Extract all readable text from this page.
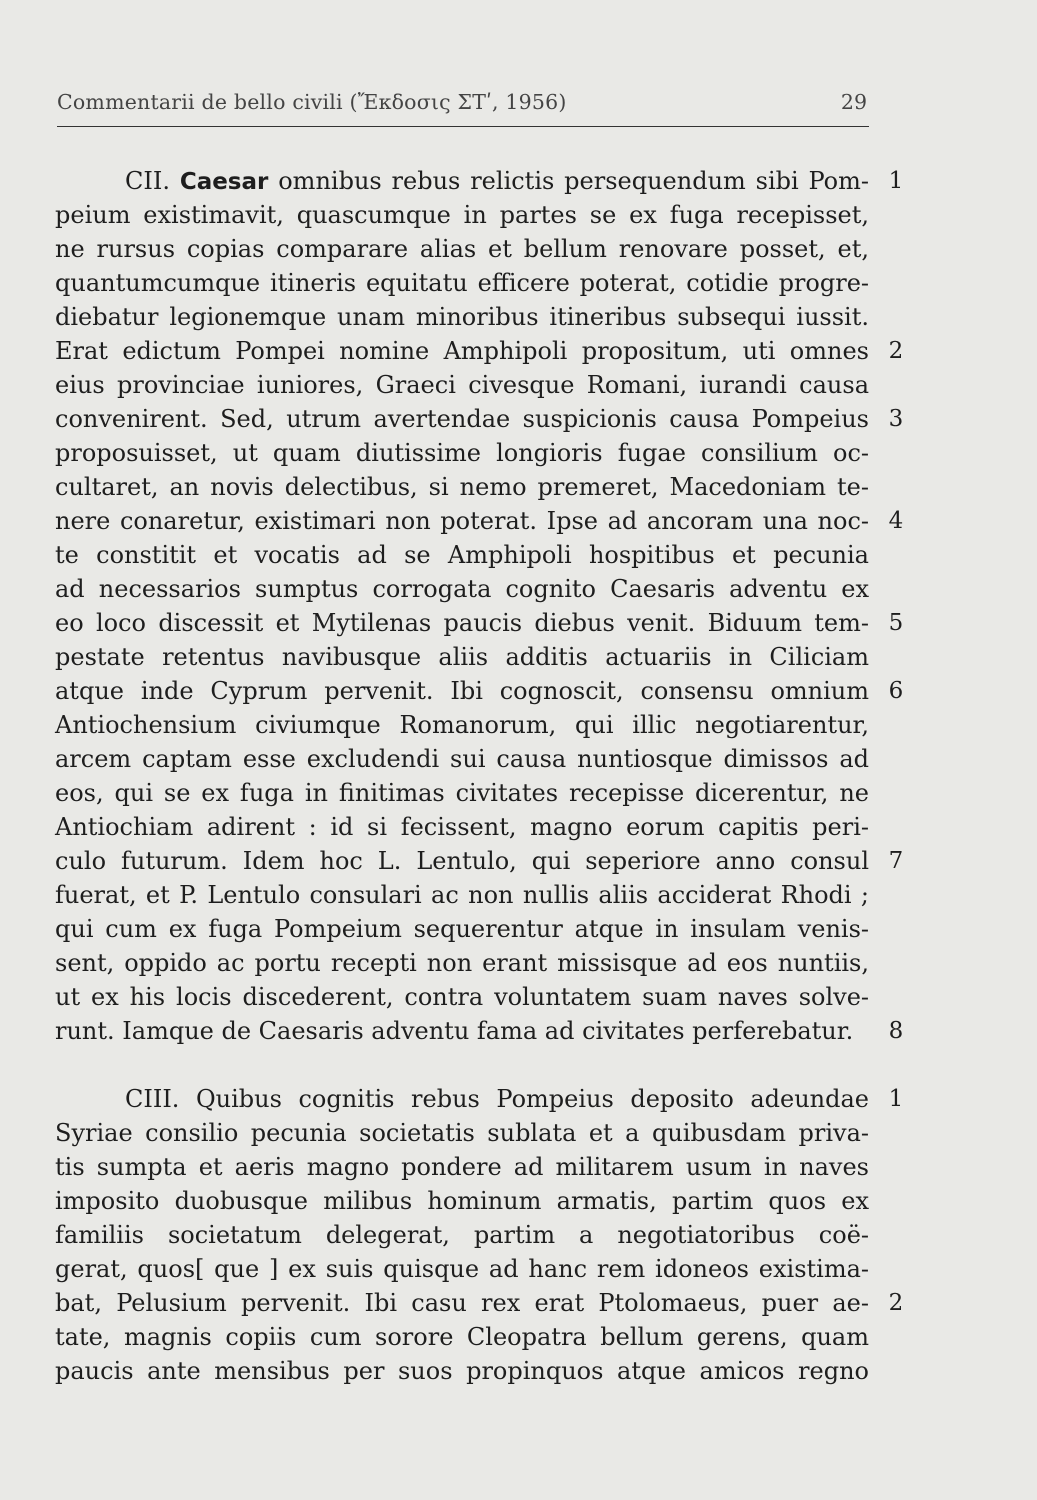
Commentarii de bello civili (Ἔκδοσις ΣΤʹ, 1956)	29
CII. Caesar omnibus rebus relictis persequendum sibi Pom-
peium existimavit, quascumque in partes se ex fuga recepisset,
ne rursus copias comparare alias et bellum renovare posset, et,
quantumcumque itineris equitatu efficere poterat, cotidie progre-
diebatur legionemque unam minoribus itineribus subsequi iussit.
Erat edictum Pompei nomine Amphipoli propositum, uti omnes
eius provinciae iuniores, Graeci civesque Romani, iurandi causa
convenirent. Sed, utrum avertendae suspicionis causa Pompeius
proposuisset, ut quam diutissime longioris fugae consilium oc-
cultaret, an novis delectibus, si nemo premeret, Macedoniam te-
nere conaretur, existimari non poterat. Ipse ad ancoram una noc-
te constitit et vocatis ad se Amphipoli hospitibus et pecunia
ad necessarios sumptus corrogata cognito Caesaris adventu ex
eo loco discessit et Mytilenas paucis diebus venit. Biduum tem-
pestate retentus navibusque aliis additis actuariis in Ciliciam
atque inde Cyprum pervenit. Ibi cognoscit, consensu omnium
Antiochensium civiumque Romanorum, qui illic negotiarentur,
arcem captam esse excludendi sui causa nuntiosque dimissos ad
eos, qui se ex fuga in finitimas civitates recepisse dicerentur, ne
Antiochiam adirent : id si fecissent, magno eorum capitis peri-
culo futurum. Idem hoc L. Lentulo, qui seperiore anno consul
fuerat, et P. Lentulo consulari ac non nullis aliis acciderat Rhodi ;
qui cum ex fuga Pompeium sequerentur atque in insulam venis-
sent, oppido ac portu recepti non erant missisque ad eos nuntiis,
ut ex his locis discederent, contra voluntatem suam naves solve-
runt. Iamque de Caesaris adventu fama ad civitates perferebatur.
1
2
3
4
5
6
7
8
CIII. Quibus cognitis rebus Pompeius deposito adeundae
Syriae consilio pecunia societatis sublata et a quibusdam priva-
tis sumpta et aeris magno pondere ad militarem usum in naves
imposito duobusque milibus hominum armatis, partim quos ex
familiis societatum delegerat, partim a negotiatoribus coë-
gerat, quos[ que ] ex suis quisque ad hanc rem idoneos existima-
bat, Pelusium pervenit. Ibi casu rex erat Ptolomaeus, puer ae-
tate, magnis copiis cum sorore Cleopatra bellum gerens, quam
paucis ante mensibus per suos propinquos atque amicos regno
1
2
